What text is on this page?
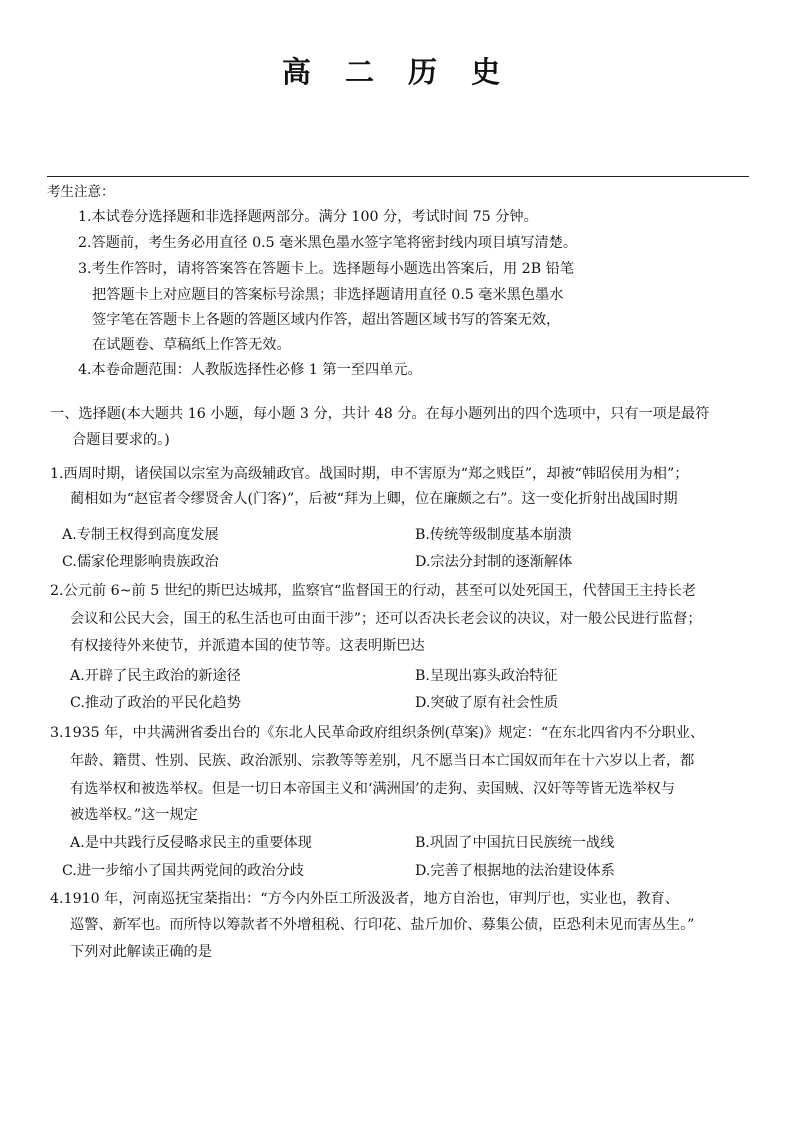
高 二 历 史
考生注意：
1.本试卷分选择题和非选择题两部分。满分 100 分，考试时间 75 分钟。
2.答题前，考生务必用直径 0.5 毫米黑色墨水签字笔将密封线内项目填写清楚。
3.考生作答时，请将答案答在答题卡上。选择题每小题选出答案后，用 2B 铅笔
把答题卡上对应题目的答案标号涂黑；非选择题请用直径 0.5 毫米黑色墨水
签字笔在答题卡上各题的答题区域内作答，超出答题区域书写的答案无效，
在试题卷、草稿纸上作答无效。
4.本卷命题范围：人教版选择性必修 1 第一至四单元。
一、选择题(本大题共 16 小题，每小题 3 分，共计 48 分。在每小题列出的四个选项中，只有一项是最符
合题目要求的。)
1.西周时期，诸侯国以宗室为高级辅政官。战国时期，申不害原为“郑之贱臣”，却被“韩昭侯用为相”；
蔺相如为“赵宦者令缪贤舍人(门客)”，后被“拜为上卿，位在廉颇之右”。这一变化折射出战国时期
A.专制王权得到高度发展	B.传统等级制度基本崩溃
C.儒家伦理影响贵族政治	D.宗法分封制的逐渐解体
2.公元前 6~前 5 世纪的斯巴达城邦，监察官“监督国王的行动，甚至可以处死国王，代替国王主持长老
会议和公民大会，国王的私生活也可由面干涉”；还可以否决长老会议的决议，对一般公民进行监督；
有权接待外来使节，并派遣本国的使节等。这表明斯巴达
A.开辟了民主政治的新途径	B.呈现出寡头政治特征
C.推动了政治的平民化趋势	D.突破了原有社会性质
3.1935 年，中共满洲省委出台的《东北人民革命政府组织条例(草案)》规定：“在东北四省内不分职业、
年龄、籍贯、性别、民族、政治派别、宗教等等差别，凡不愿当日本亡国奴而年在十六岁以上者，都
有选举权和被选举权。但是一切日本帝国主义和‘满洲国’的走狗、卖国贼、汉奸等等皆无选举权与
被选举权。”这一规定
A.是中共践行反侵略求民主的重要体现	B.巩固了中国抗日民族统一战线
C.进一步缩小了国共两党间的政治分歧	D.完善了根据地的法治建设体系
4.1910 年，河南巡抚宝棻指出：“方今内外臣工所汲汲者，地方自治也，审判厅也，实业也，教育、
巡警、新军也。而所恃以筹款者不外增租税、行印花、盐斤加价、募集公债，臣恐利未见而害丛生。”
下列对此解读正确的是
